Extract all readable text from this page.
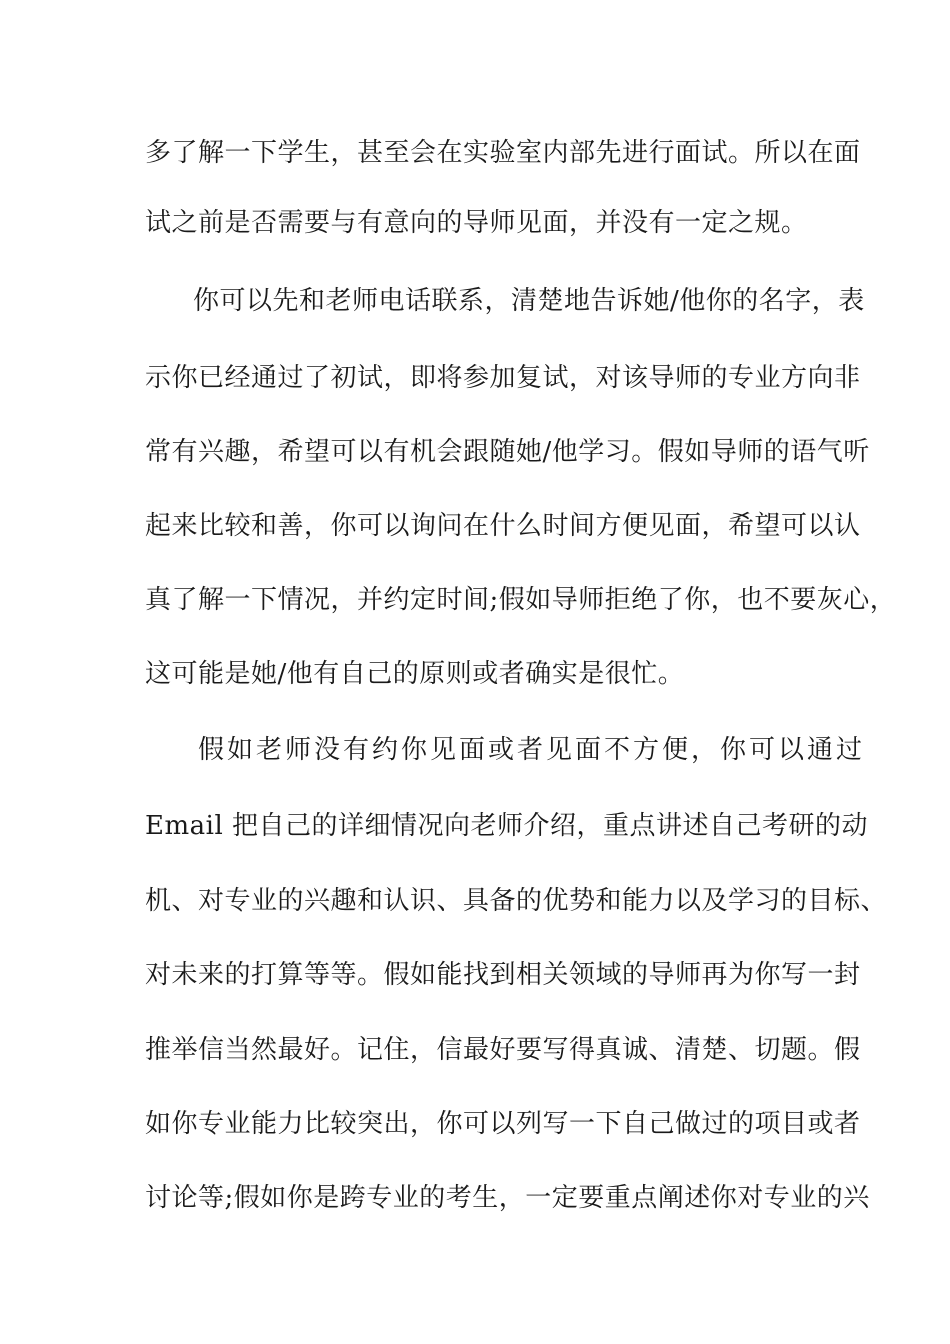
多了解一下学生，甚至会在实验室内部先进行面试。所以在面
试之前是否需要与有意向的导师见面，并没有一定之规。
你可以先和老师电话联系，清楚地告诉她/他你的名字，表
示你已经通过了初试，即将参加复试，对该导师的专业方向非
常有兴趣，希望可以有机会跟随她/他学习。假如导师的语气听
起来比较和善，你可以询问在什么时间方便见面，希望可以认
真了解一下情况，并约定时间;假如导师拒绝了你，也不要灰心，
这可能是她/他有自己的原则或者确实是很忙。
假如老师没有约你见面或者见面不方便，你可以通过
Email 把自己的详细情况向老师介绍，重点讲述自己考研的动
机、对专业的兴趣和认识、具备的优势和能力以及学习的目标、
对未来的打算等等。假如能找到相关领域的导师再为你写一封
推举信当然最好。记住，信最好要写得真诚、清楚、切题。假
如你专业能力比较突出，你可以列写一下自己做过的项目或者
讨论等;假如你是跨专业的考生，一定要重点阐述你对专业的兴
